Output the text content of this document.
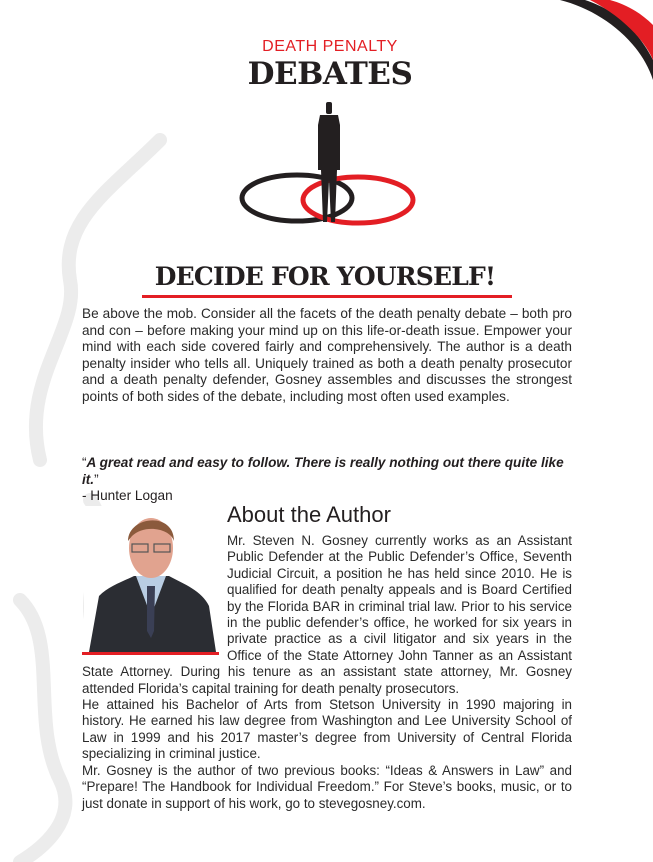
DEATH PENALTY
DEBATES
DECIDE FOR YOURSELF!
Be above the mob. Consider all the facets of the death penalty debate – both pro and con – before making your mind up on this life-or-death issue. Empower your mind with each side covered fairly and comprehensively. The author is a death penalty insider who tells all. Uniquely trained as both a death penalty prosecutor and a death penalty defender, Gosney assembles and discusses the strongest points of both sides of the debate, including most often used examples.
“A great read and easy to follow. There is really nothing out there quite like it.”
- Hunter Logan
About the Author

Mr. Steven N. Gosney currently works as an Assistant Public Defender at the Public Defender’s Office, Seventh Judicial Circuit, a position he has held since 2010. He is qualified for death penalty appeals and is Board Certified by the Florida BAR in criminal trial law. Prior to his service in the public defender’s office, he worked for six years in private practice as a civil litigator and six years in the Office of the State Attorney John Tanner as an Assistant State Attorney. During his tenure as an assistant state attorney, Mr. Gosney attended Florida’s capital training for death penalty prosecutors.

He attained his Bachelor of Arts from Stetson University in 1990 majoring in history. He earned his law degree from Washington and Lee University School of Law in 1999 and his 2017 master’s degree from University of Central Florida specializing in criminal justice.

Mr. Gosney is the author of two previous books: “Ideas & Answers in Law” and “Prepare! The Handbook for Individual Freedom.” For Steve’s books, music, or to just donate in support of his work, go to stevegosney.com.
